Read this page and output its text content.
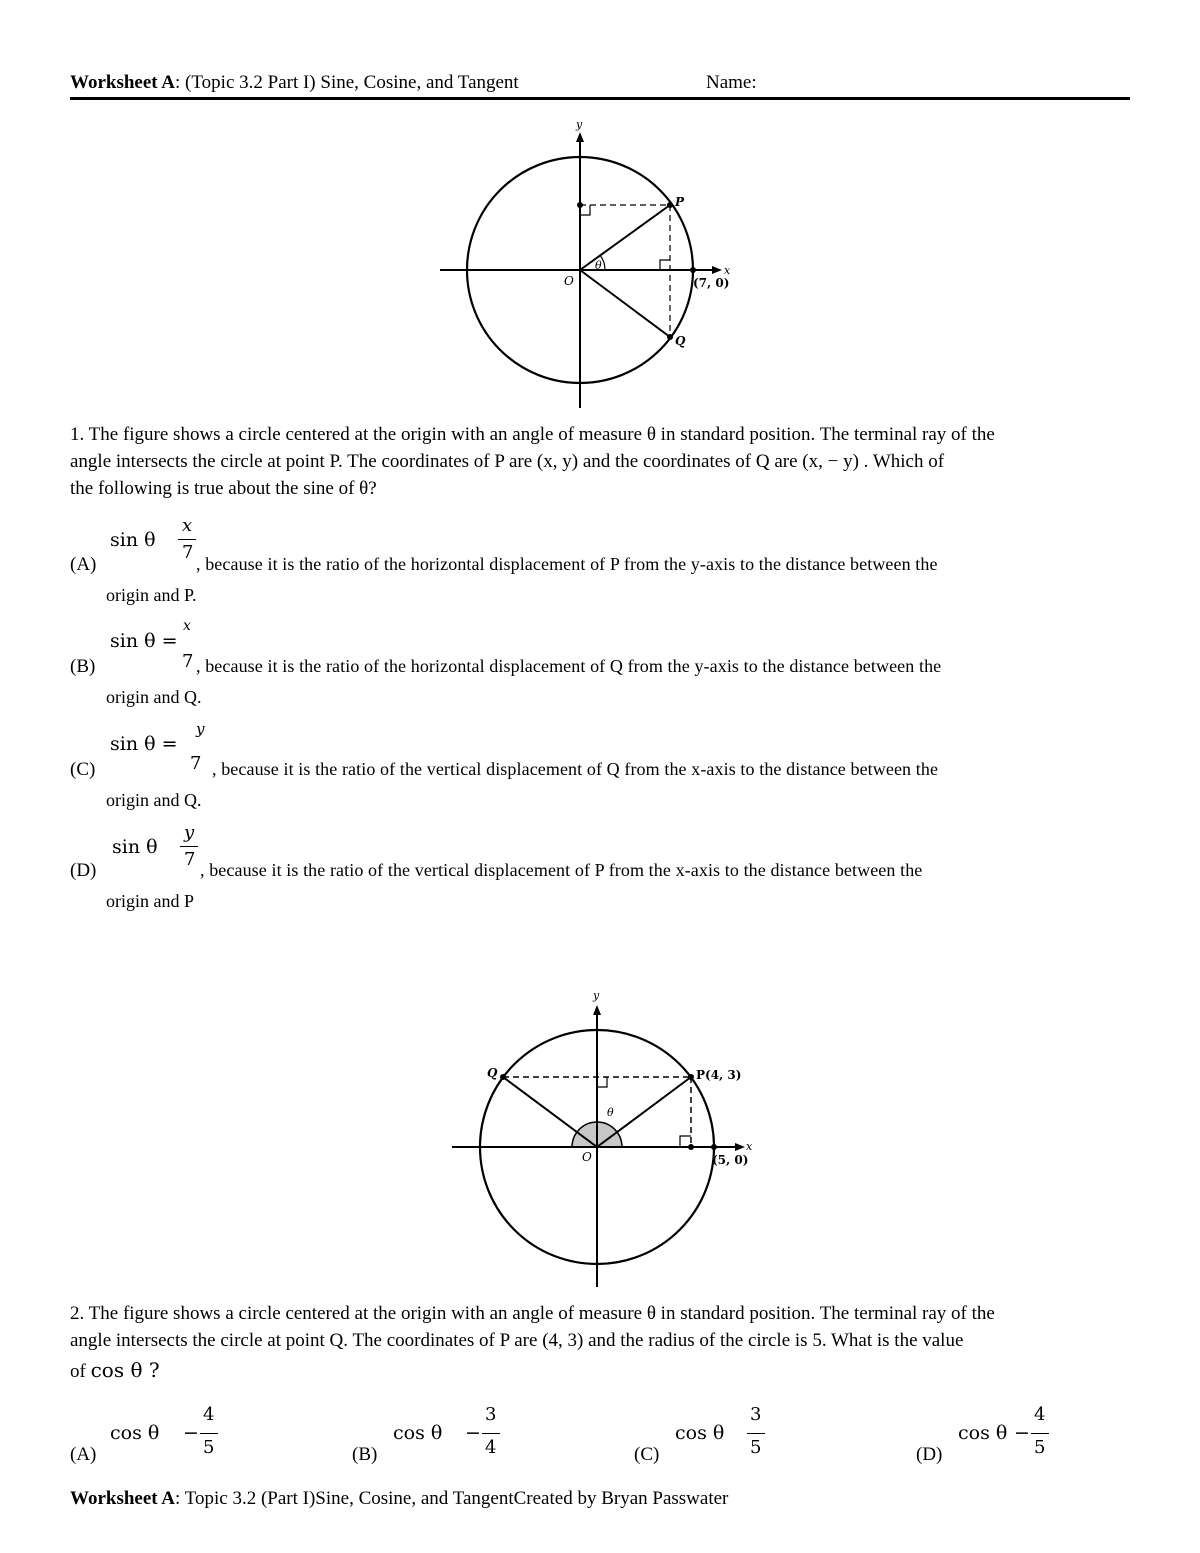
Worksheet A: (Topic 3.2 Part I) Sine, Cosine, and Tangent	Name:
y
x
O
P
Q
θ
(7, 0)
1. The figure shows a circle centered at the origin with an angle of measure θ in standard position. The terminal ray of the
angle intersects the circle at point P. The coordinates of P are (x, y) and the coordinates of Q are (x, − y) . Which of
the following is true about the sine of θ?
sin θ
x
7
(A)	, because it is the ratio of the horizontal displacement of P from the y-axis to the distance between the
origin and P.
sin θ =
x
7
(B)	, because it is the ratio of the horizontal displacement of Q from the y-axis to the distance between the
origin and Q.
sin θ =
y
7
(C)	, because it is the ratio of the vertical displacement of Q from the x-axis to the distance between the
origin and Q.
sin θ
y
7
(D)	, because it is the ratio of the vertical displacement of P from the x-axis to the distance between the
origin and P
y
x
O
P(4, 3)
Q
θ
(5, 0)
2. The figure shows a circle centered at the origin with an angle of measure θ in standard position. The terminal ray of the
angle intersects the circle at point Q. The coordinates of P are (4, 3) and the radius of the circle is 5. What is the value
of cos θ ?
(A)
cos θ −
4
5	(B)
cos θ −
3
4	(C)
cos θ
3
5	(D)
cos θ −
4
5
Worksheet A: Topic 3.2 (Part I)Sine, Cosine, and TangentCreated by Bryan Passwater
